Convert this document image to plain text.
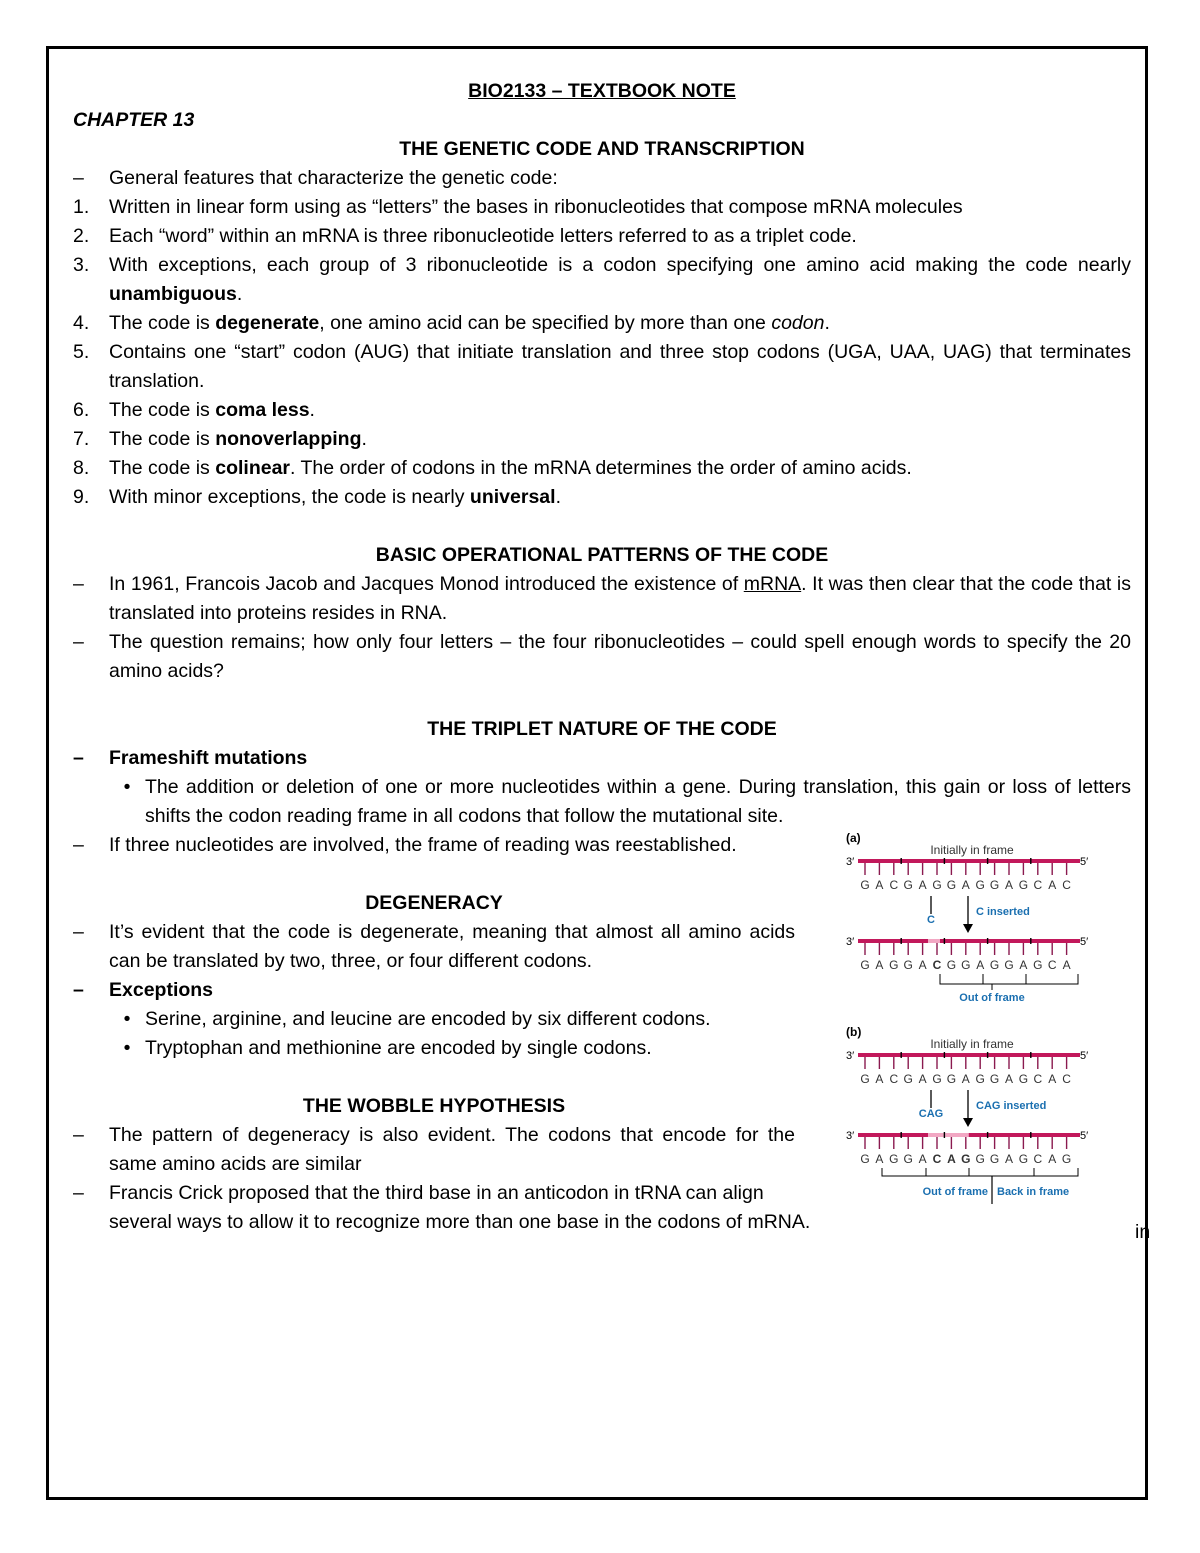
BIO2133 – TEXTBOOK NOTE
CHAPTER 13
THE GENETIC CODE AND TRANSCRIPTION
–	General features that characterize the genetic code:
1.	Written in linear form using as “letters” the bases in ribonucleotides that compose mRNA molecules
2.	Each “word” within an mRNA is three ribonucleotide letters referred to as a triplet code.
3.	With exceptions, each group of 3 ribonucleotide is a codon specifying one amino acid making the code nearly unambiguous.
4.	The code is degenerate, one amino acid can be specified by more than one codon.
5.	Contains one “start” codon (AUG) that initiate translation and three stop codons (UGA, UAA, UAG) that terminates translation.
6.	The code is coma less.
7.	The code is nonoverlapping.
8.	The code is colinear. The order of codons in the mRNA determines the order of amino acids.
9.	With minor exceptions, the code is nearly universal.
BASIC OPERATIONAL PATTERNS OF THE CODE
–	In 1961, Francois Jacob and Jacques Monod introduced the existence of mRNA. It was then clear that the code that is translated into proteins resides in RNA.
–	The question remains; how only four letters – the four ribonucleotides – could spell enough words to specify the 20 amino acids?
THE TRIPLET NATURE OF THE CODE
–	Frameshift mutations
• The addition or deletion of one or more nucleotides within a gene. During translation, this gain or loss of letters shifts the codon reading frame in all codons that follow the mutational site.
–	If three nucleotides are involved, the frame of reading was reestablished.
DEGENERACY
–	It’s evident that the code is degenerate, meaning that almost all amino acids can be translated by two, three, or four different codons.
–	Exceptions
• Serine, arginine, and leucine are encoded by six different codons.
• Tryptophan and methionine are encoded by single codons.
THE WOBBLE HYPOTHESIS
–	The pattern of degeneracy is also evident. The codons that encode for the same amino acids are similar
–	Francis Crick proposed that the third base in an anticodon in tRNA can align
several ways to allow it to recognize more than one base in the codons of mRNA.	in
(a)
Initially in frame
(b)
Initially in frame
3′	5′
G A C G A G G A G G A G C A C
3′	5′
G A G G A C G G A G G A G C A
3′	5′
G A C G A G G A G G A G C A C
3′	5′
G A G G A C A G G G A G C A G
C
C inserted
Out of frame
CAG
CAG inserted
Out of frame Back in frame
